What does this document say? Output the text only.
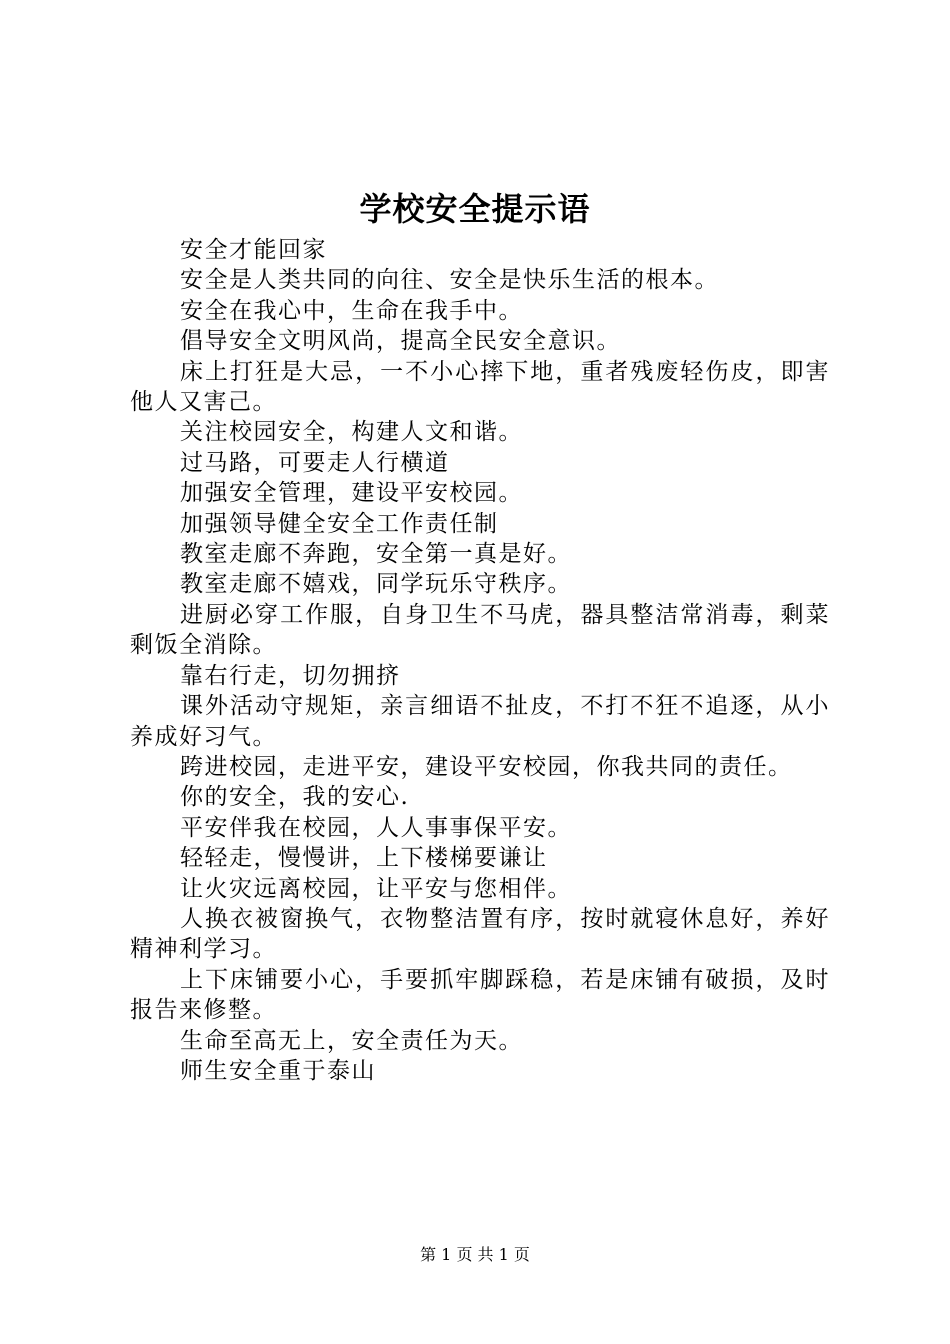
学校安全提示语

安全才能回家

安全是人类共同的向往、安全是快乐生活的根本。

安全在我心中，生命在我手中。

倡导安全文明风尚，提高全民安全意识。

床上打狂是大忌，一不小心摔下地，重者残废轻伤皮，即害他人又害己。

关注校园安全，构建人文和谐。

过马路，可要走人行横道

加强安全管理，建设平安校园。

加强领导健全安全工作责任制

教室走廊不奔跑，安全第一真是好。

教室走廊不嬉戏，同学玩乐守秩序。

进厨必穿工作服，自身卫生不马虎，器具整洁常消毒，剩菜剩饭全消除。

靠右行走，切勿拥挤

课外活动守规矩，亲言细语不扯皮，不打不狂不追逐，从小养成好习气。

跨进校园，走进平安，建设平安校园，你我共同的责任。

你的安全，我的安心.

平安伴我在校园，人人事事保平安。

轻轻走，慢慢讲，上下楼梯要谦让

让火灾远离校园，让平安与您相伴。

人换衣被窗换气，衣物整洁置有序，按时就寝休息好，养好精神利学习。

上下床铺要小心，手要抓牢脚踩稳，若是床铺有破损，及时报告来修整。

生命至高无上，安全责任为天。

师生安全重于泰山

第 1 页 共 1 页
